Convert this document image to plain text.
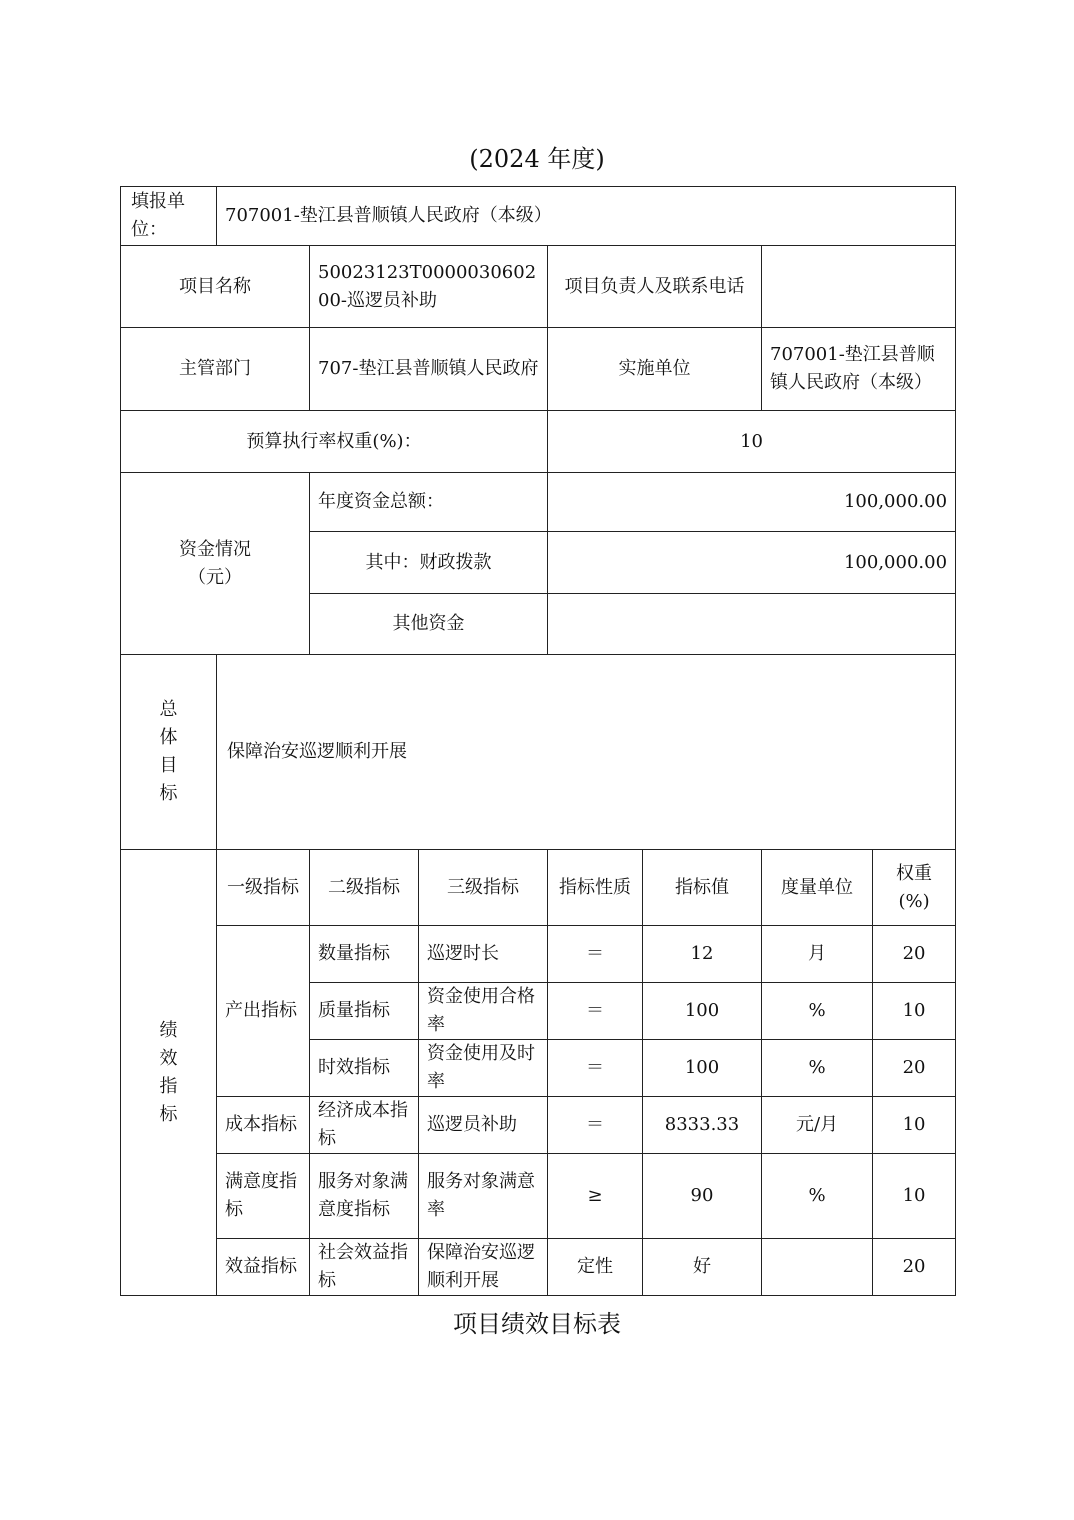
(2024 年度)
填报单位：	707001-垫江县普顺镇人民政府（本级）						
项目名称		50023123T000003060200-巡逻员补助		项目负责人及联系电话			
主管部门		707-垫江县普顺镇人民政府		实施单位		707001-垫江县普顺镇人民政府（本级）	
预算执行率权重(%)：				10			

资金情况
（元）		年度资金总额：		100,000.00			
		其中：财政拨款		100,000.00			
		其他资金					

总
体
目
标	保障治安巡逻顺利开展						

绩
效
指
标	一级指标	二级指标	三级指标	指标性质	指标值	度量单位	权重(%)
	产出指标	数量指标	巡逻时长	＝	12	月	20
		质量指标	资金使用合格率	＝	100	%	10
		时效指标	资金使用及时率	＝	100	%	20
	成本指标	经济成本指标	巡逻员补助	＝	8333.33	元/月	10
	满意度指标	服务对象满意度指标	服务对象满意率	≥	90	%	10
	效益指标	社会效益指标	保障治安巡逻顺利开展	定性	好		20
项目绩效目标表
